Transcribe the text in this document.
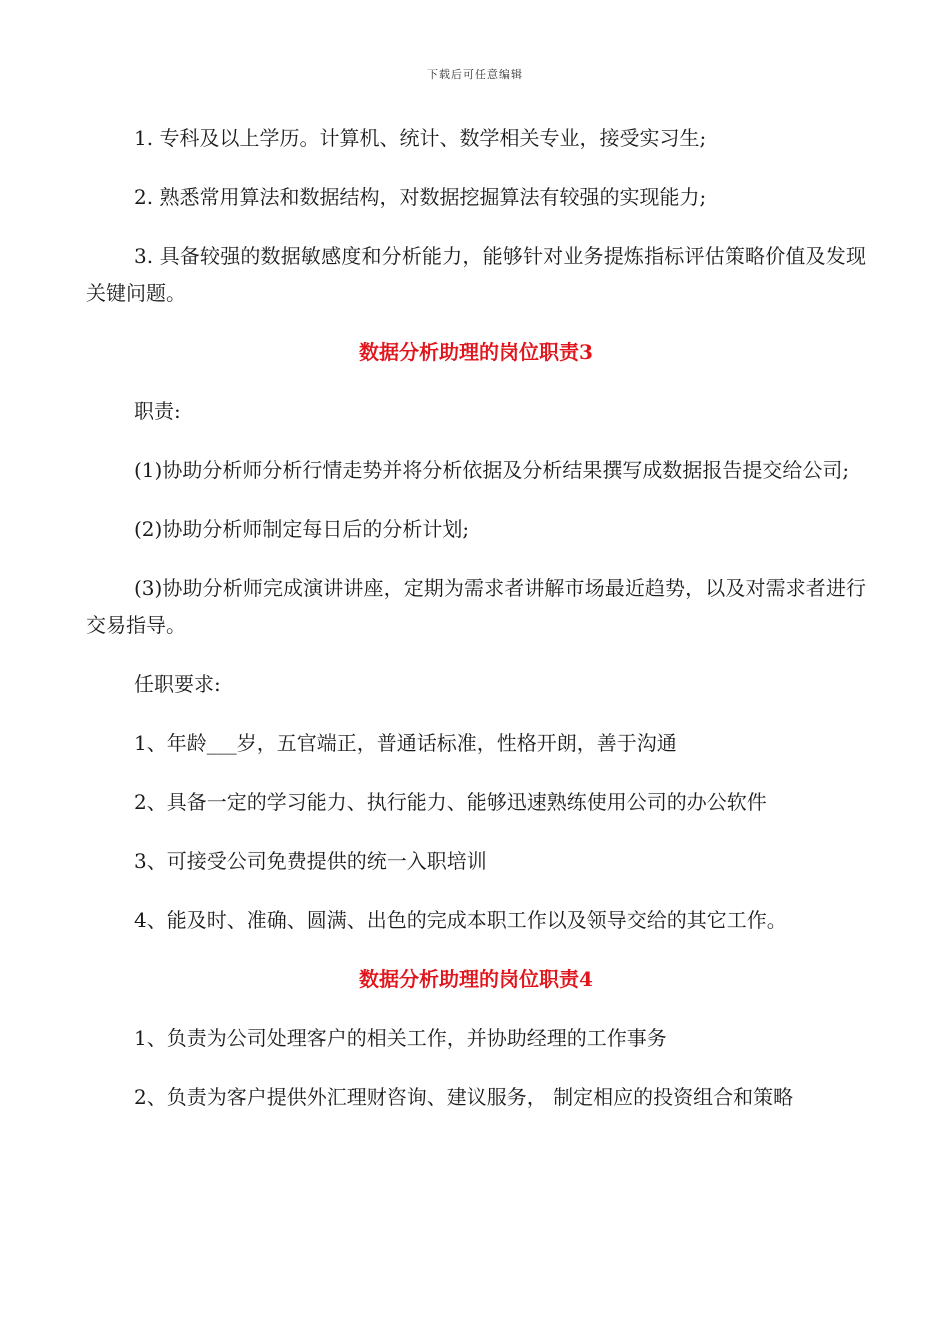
下载后可任意编辑

1. 专科及以上学历。计算机、统计、数学相关专业，接受实习生;

2. 熟悉常用算法和数据结构，对数据挖掘算法有较强的实现能力;

3. 具备较强的数据敏感度和分析能力，能够针对业务提炼指标评估策略价值及发现关键问题。

数据分析助理的岗位职责3

职责:

(1)协助分析师分析行情走势并将分析依据及分析结果撰写成数据报告提交给公司;

(2)协助分析师制定每日后的分析计划;

(3)协助分析师完成演讲讲座，定期为需求者讲解市场最近趋势，以及对需求者进行交易指导。

任职要求:

1、年龄___岁，五官端正，普通话标准，性格开朗，善于沟通

2、具备一定的学习能力、执行能力、能够迅速熟练使用公司的办公软件

3、可接受公司免费提供的统一入职培训

4、能及时、准确、圆满、出色的完成本职工作以及领导交给的其它工作。

数据分析助理的岗位职责4

1、负责为公司处理客户的相关工作，并协助经理的工作事务

2、负责为客户提供外汇理财咨询、建议服务， 制定相应的投资组合和策略
